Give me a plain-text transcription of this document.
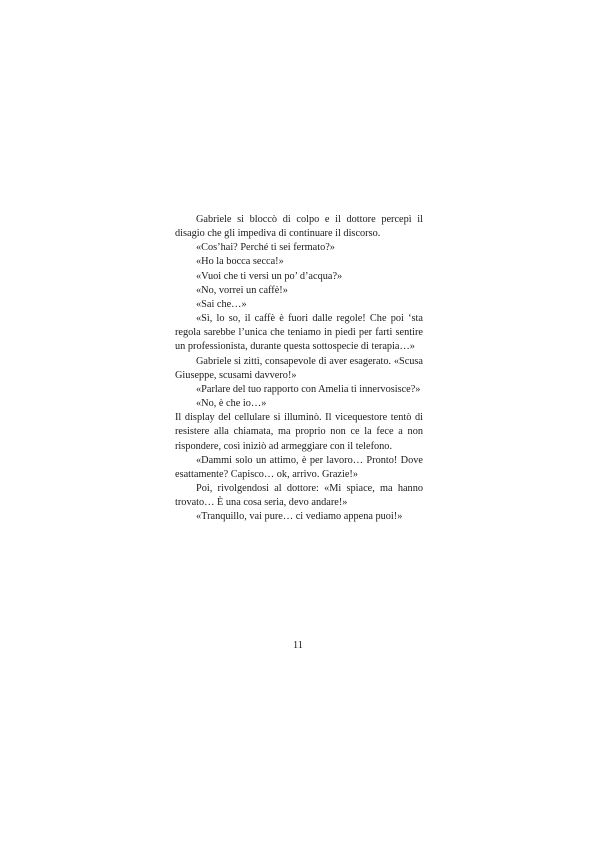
Gabriele si bloccò di colpo e il dottore percepì il disagio che gli impediva di continuare il discorso.

«Cos’hai? Perché ti sei fermato?»

«Ho la bocca secca!»

«Vuoi che ti versi un po’ d’acqua?»

«No, vorrei un caffè!»

«Sai che…»

«Sì, lo so, il caffè è fuori dalle regole! Che poi ‘sta regola sarebbe l’unica che teniamo in piedi per farti sentire un professionista, durante questa sottospecie di terapia…»

Gabriele si zittì, consapevole di aver esagerato. «Scusa Giuseppe, scusami davvero!»

«Parlare del tuo rapporto con Amelia ti innervosisce?»

«No, è che io…»

Il display del cellulare si illuminò. Il vicequestore tentò di resistere alla chiamata, ma proprio non ce la fece a non rispondere, così iniziò ad armeggiare con il telefono.

«Dammi solo un attimo, è per lavoro… Pronto! Dove esattamente? Capisco… ok, arrivo. Grazie!»

Poi, rivolgendosi al dottore: «Mi spiace, ma hanno trovato… È una cosa seria, devo andare!»

«Tranquillo, vai pure… ci vediamo appena puoi!»

11
